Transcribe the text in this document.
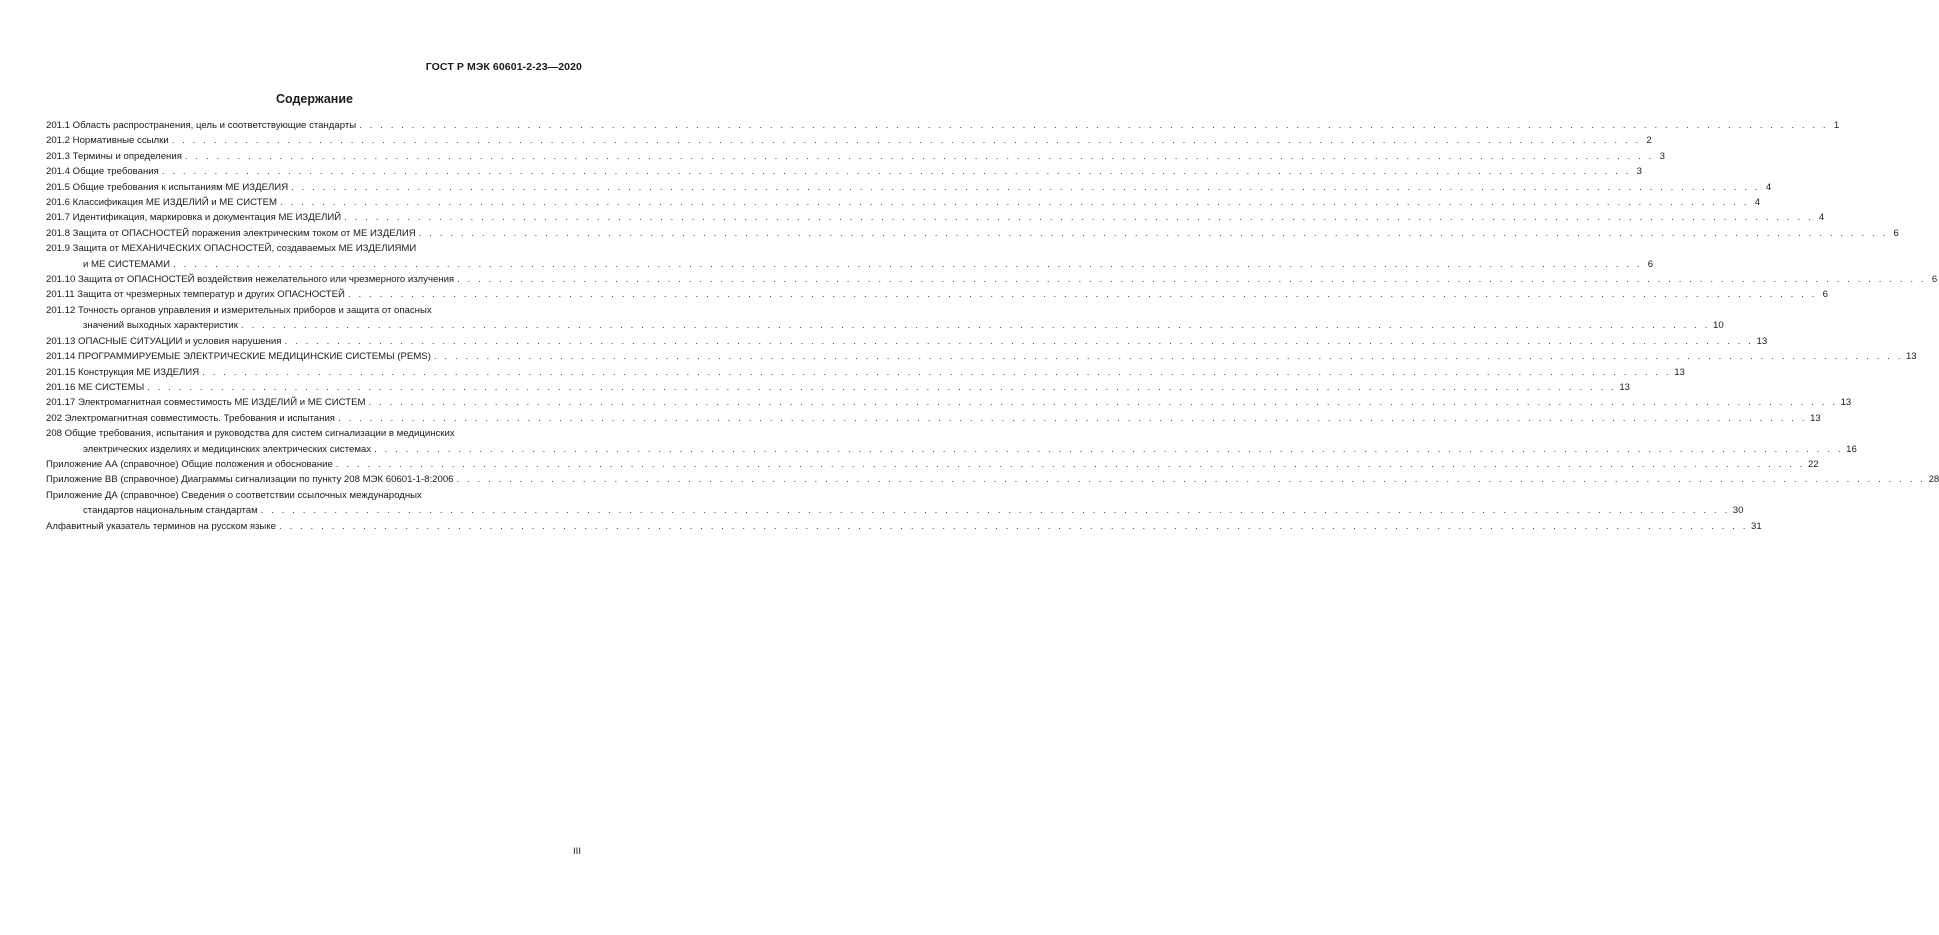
ГОСТ Р МЭК 60601-2-23—2020
Содержание
201.1 Область распространения, цель и соответствующие стандарты . . . . . . . . . . . . . . . . . . . . . . . . . . . . . . . . . . . . . . . . . . . . . . . . . . . . . . . . . . . . . . . . . . . . . . . . . . . . . . . . . . . . . . . . . . . . . . . . . . . . . . . . . . . . . . . . . . . . . . . . . . . . . . . . . . . . . . . . . . . . 1
201.2 Нормативные ссылки . . . . . . . . . . . . . . . . . . . . . . . . . . . . . . . . . . . . . . . . . . . . . . . . . . . . . . . . . . . . . . . . . . . . . . . . . . . . . . . . . . . . . . . . . . . . . . . . . . . . . . . . . . . . . . . . . . . . . . . . . . . . . . . . . . . . . . . . . . . . 2
201.3 Термины и определения . . . . . . . . . . . . . . . . . . . . . . . . . . . . . . . . . . . . . . . . . . . . . . . . . . . . . . . . . . . . . . . . . . . . . . . . . . . . . . . . . . . . . . . . . . . . . . . . . . . . . . . . . . . . . . . . . . . . . . . . . . . . . . . . . . . . . . . . . . . . 3
201.4 Общие требования . . . . . . . . . . . . . . . . . . . . . . . . . . . . . . . . . . . . . . . . . . . . . . . . . . . . . . . . . . . . . . . . . . . . . . . . . . . . . . . . . . . . . . . . . . . . . . . . . . . . . . . . . . . . . . . . . . . . . . . . . . . . . . . . . . . . . . . . . . . . 3
201.5 Общие требования к испытаниям МЕ ИЗДЕЛИЯ . . . . . . . . . . . . . . . . . . . . . . . . . . . . . . . . . . . . . . . . . . . . . . . . . . . . . . . . . . . . . . . . . . . . . . . . . . . . . . . . . . . . . . . . . . . . . . . . . . . . . . . . . . . . . . . . . . . . . . . . . . . . . . . . . . . . . . . . . . . . 4
201.6 Классификация МЕ ИЗДЕЛИЙ и МЕ СИСТЕМ . . . . . . . . . . . . . . . . . . . . . . . . . . . . . . . . . . . . . . . . . . . . . . . . . . . . . . . . . . . . . . . . . . . . . . . . . . . . . . . . . . . . . . . . . . . . . . . . . . . . . . . . . . . . . . . . . . . . . . . . . . . . . . . . . . . . . . . . . . . . 4
201.7 Идентификация, маркировка и документация МЕ ИЗДЕЛИЙ . . . . . . . . . . . . . . . . . . . . . . . . . . . . . . . . . . . . . . . . . . . . . . . . . . . . . . . . . . . . . . . . . . . . . . . . . . . . . . . . . . . . . . . . . . . . . . . . . . . . . . . . . . . . . . . . . . . . . . . . . . . . . . . . . . . . . . . . . . . . 4
201.8 Защита от ОПАСНОСТЕЙ поражения электрическим током от МЕ ИЗДЕЛИЯ . . . . . . . . . . . . . . . . . . . . . . . . . . . . . . . . . . . . . . . . . . . . . . . . . . . . . . . . . . . . . . . . . . . . . . . . . . . . . . . . . . . . . . . . . . . . . . . . . . . . . . . . . . . . . . . . . . . . . . . . . . . . . . . . . . . . . . . . . . . . 6
201.9 Защита от МЕХАНИЧЕСКИХ ОПАСНОСТЕЙ, создаваемых МЕ ИЗДЕЛИЯМИ
и МЕ СИСТЕМАМИ . . . . . . . . . . . . . . . . . . . . . . . . . . . . . . . . . . . . . . . . . . . . . . . . . . . . . . . . . . . . . . . . . . . . . . . . . . . . . . . . . . . . . . . . . . . . . . . . . . . . . . . . . . . . . . . . . . . . . . . . . . . . . . . . . . . . . . . . . . . . 6
201.10 Защита от ОПАСНОСТЕЙ воздействия нежелательного или чрезмерного излучения . . . . . . . . . . . . . . . . . . . . . . . . . . . . . . . . . . . . . . . . . . . . . . . . . . . . . . . . . . . . . . . . . . . . . . . . . . . . . . . . . . . . . . . . . . . . . . . . . . . . . . . . . . . . . . . . . . . . . . . . . . . . . . . . . . . . . . . . . . . . 6
201.11 Защита от чрезмерных температур и других ОПАСНОСТЕЙ . . . . . . . . . . . . . . . . . . . . . . . . . . . . . . . . . . . . . . . . . . . . . . . . . . . . . . . . . . . . . . . . . . . . . . . . . . . . . . . . . . . . . . . . . . . . . . . . . . . . . . . . . . . . . . . . . . . . . . . . . . . . . . . . . . . . . . . . . . . . 6
201.12 Точность органов управления и измерительных приборов и защита от опасных
значений выходных характеристик . . . . . . . . . . . . . . . . . . . . . . . . . . . . . . . . . . . . . . . . . . . . . . . . . . . . . . . . . . . . . . . . . . . . . . . . . . . . . . . . . . . . . . . . . . . . . . . . . . . . . . . . . . . . . . . . . . . . . . . . . . . . . . . . . . . . . . . . . . . . 10
201.13 ОПАСНЫЕ СИТУАЦИИ и условия нарушения . . . . . . . . . . . . . . . . . . . . . . . . . . . . . . . . . . . . . . . . . . . . . . . . . . . . . . . . . . . . . . . . . . . . . . . . . . . . . . . . . . . . . . . . . . . . . . . . . . . . . . . . . . . . . . . . . . . . . . . . . . . . . . . . . . . . . . . . . . . . 13
201.14 ПРОГРАММИРУЕМЫЕ ЭЛЕКТРИЧЕСКИЕ МЕДИЦИНСКИЕ СИСТЕМЫ (PEMS) . . . . . . . . . . . . . . . . . . . . . . . . . . . . . . . . . . . . . . . . . . . . . . . . . . . . . . . . . . . . . . . . . . . . . . . . . . . . . . . . . . . . . . . . . . . . . . . . . . . . . . . . . . . . . . . . . . . . . . . . . . . . . . . . . . . . . . . . . . . . 13
201.15 Конструкция МЕ ИЗДЕЛИЯ . . . . . . . . . . . . . . . . . . . . . . . . . . . . . . . . . . . . . . . . . . . . . . . . . . . . . . . . . . . . . . . . . . . . . . . . . . . . . . . . . . . . . . . . . . . . . . . . . . . . . . . . . . . . . . . . . . . . . . . . . . . . . . . . . . . . . . . . . . . . 13
201.16 МЕ СИСТЕМЫ . . . . . . . . . . . . . . . . . . . . . . . . . . . . . . . . . . . . . . . . . . . . . . . . . . . . . . . . . . . . . . . . . . . . . . . . . . . . . . . . . . . . . . . . . . . . . . . . . . . . . . . . . . . . . . . . . . . . . . . . . . . . . . . . . . . . . . . . . . . . 13
201.17 Электромагнитная совместимость МЕ ИЗДЕЛИЙ и МЕ СИСТЕМ . . . . . . . . . . . . . . . . . . . . . . . . . . . . . . . . . . . . . . . . . . . . . . . . . . . . . . . . . . . . . . . . . . . . . . . . . . . . . . . . . . . . . . . . . . . . . . . . . . . . . . . . . . . . . . . . . . . . . . . . . . . . . . . . . . . . . . . . . . . . 13
202 Электромагнитная совместимость. Требования и испытания . . . . . . . . . . . . . . . . . . . . . . . . . . . . . . . . . . . . . . . . . . . . . . . . . . . . . . . . . . . . . . . . . . . . . . . . . . . . . . . . . . . . . . . . . . . . . . . . . . . . . . . . . . . . . . . . . . . . . . . . . . . . . . . . . . . . . . . . . . . . 13
208 Общие требования, испытания и руководства для систем сигнализации в медицинских
электрических изделиях и медицинских электрических системах . . . . . . . . . . . . . . . . . . . . . . . . . . . . . . . . . . . . . . . . . . . . . . . . . . . . . . . . . . . . . . . . . . . . . . . . . . . . . . . . . . . . . . . . . . . . . . . . . . . . . . . . . . . . . . . . . . . . . . . . . . . . . . . . . . . . . . . . . . . . 16
Приложение АА (справочное) Общие положения и обоснование . . . . . . . . . . . . . . . . . . . . . . . . . . . . . . . . . . . . . . . . . . . . . . . . . . . . . . . . . . . . . . . . . . . . . . . . . . . . . . . . . . . . . . . . . . . . . . . . . . . . . . . . . . . . . . . . . . . . . . . . . . . . . . . . . . . . . . . . . . . . 22
Приложение ВВ (справочное) Диаграммы сигнализации по пункту 208 МЭК 60601-1-8:2006 . . . . . . . . . . . . . . . . . . . . . . . . . . . . . . . . . . . . . . . . . . . . . . . . . . . . . . . . . . . . . . . . . . . . . . . . . . . . . . . . . . . . . . . . . . . . . . . . . . . . . . . . . . . . . . . . . . . . . . . . . . . . . . . . . . . . . . . . . . . . 28
Приложение ДА (справочное) Сведения о соответствии ссылочных международных
стандартов национальным стандартам . . . . . . . . . . . . . . . . . . . . . . . . . . . . . . . . . . . . . . . . . . . . . . . . . . . . . . . . . . . . . . . . . . . . . . . . . . . . . . . . . . . . . . . . . . . . . . . . . . . . . . . . . . . . . . . . . . . . . . . . . . . . . . . . . . . . . . . . . . . . 30
Алфавитный указатель терминов на русском языке . . . . . . . . . . . . . . . . . . . . . . . . . . . . . . . . . . . . . . . . . . . . . . . . . . . . . . . . . . . . . . . . . . . . . . . . . . . . . . . . . . . . . . . . . . . . . . . . . . . . . . . . . . . . . . . . . . . . . . . . . . . . . . . . . . . . . . . . . . . . 31
III
